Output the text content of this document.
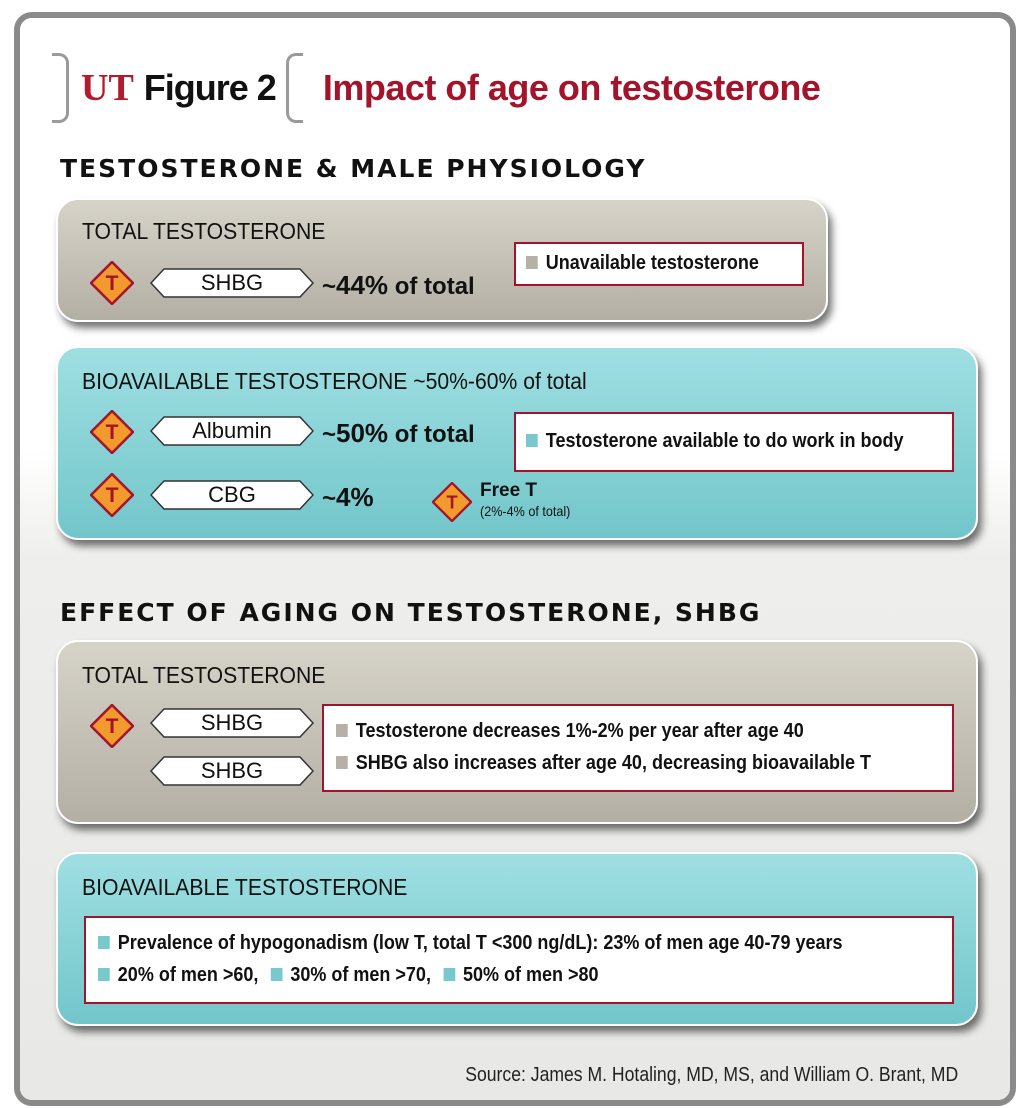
UT Figure 2 Impact of age on testosterone
TESTOSTERONE & MALE PHYSIOLOGY
TOTAL TESTOSTERONE
T	SHBG	~44% of total
Unavailable testosterone
BIOAVAILABLE TESTOSTERONE ~50%-60% of total
T	Albumin	~50% of total
T	CBG	~4%	T
Free T
(2%-4% of total)
Testosterone available to do work in body
EFFECT OF AGING ON TESTOSTERONE, SHBG
TOTAL TESTOSTERONE
T	SHBG
SHBG
Testosterone decreases 1%-2% per year after age 40
SHBG also increases after age 40, decreasing bioavailable T
BIOAVAILABLE TESTOSTERONE
Prevalence of hypogonadism (low T, total T <300 ng/dL): 23% of men age 40-79 years
20% of men >60, 30% of men >70, 50% of men >80
Source: James M. Hotaling, MD, MS, and William O. Brant, MD
